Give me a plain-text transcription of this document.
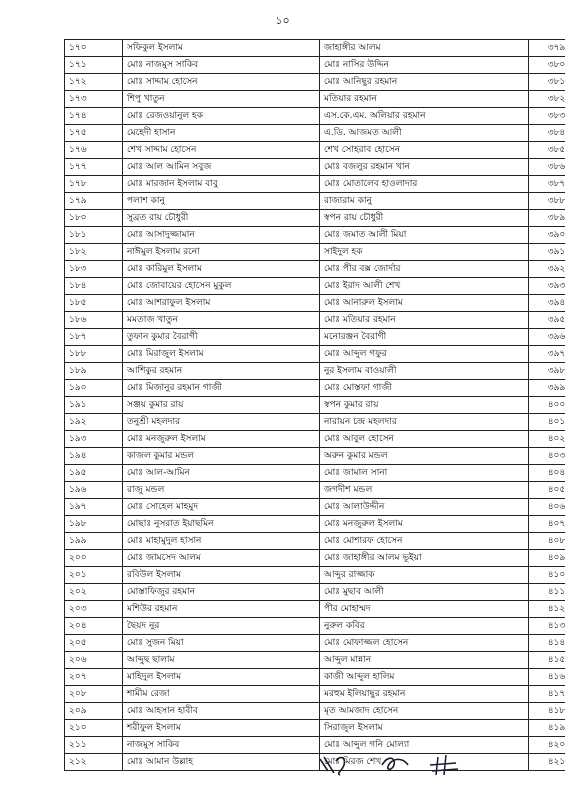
১০
১৭০	সফিকুল ইসলাম	জাহাঙ্গীর আলম	৩৭৯
১৭১	মোঃ নাজমুস সাকিব	মোঃ নাসির উদ্দিন	৩৮০
১৭২	মোঃ সাদ্দাম হোসেন	মোঃ আনিছুর রহমান	৩৮১
১৭৩	শিপু খাতুন	মতিয়ার রহমান	৩৮২
১৭৪	মোঃ রেজওয়ানুল হক	এস.কে.এম. অলিয়ার রহমান	৩৮৩
১৭৫	মেহেদী হাসান	এ.ডি. আজমত আলী	৩৮৪
১৭৬	শেখ সাদ্দাম হোসেন	শেখ সোহরাব হোসেন	৩৮৫
১৭৭	মোঃ আল আমিন সবুজ	মোঃ বজলুর রহমান খান	৩৮৬
১৭৮	মোঃ মারজান ইসলাম বাবু	মোঃ মোতালেব হাওলাদার	৩৮৭
১৭৯	পলাশ কানু	রাজারাম কানু	৩৮৮
১৮০	সুব্রত রায় চৌধুরী	স্বপন রায় চৌধুরী	৩৮৯
১৮১	মোঃ আসাদুজ্জামান	মোঃ জমাত আলী মিয়া	৩৯০
১৮২	নাঈমুল ইসলাম রনো	সাইদুল হক	৩৯১
১৮৩	মোঃ কারিমুল ইসলাম	মোঃ পীর বক্স জোর্দার	৩৯২
১৮৪	মোঃ জোবায়ের হোসেন মুকুল	মোঃ ইরাদ আলী শেখ	৩৯৩
১৮৫	মোঃ আশরাফুল ইসলাম	মোঃ আনারুল ইসলাম	৩৯৪
১৮৬	মমতাজ খাতুন	মোঃ মতিয়ার রহমান	৩৯৫
১৮৭	তুফান কুমার বৈরাগী	মনোরঞ্জন বৈরাগী	৩৯৬
১৮৮	মোঃ মিরাজুল ইসলাম	মোঃ আব্দুল গফুর	৩৯৭
১৮৯	আশিকুর রহমান	নুর ইসলাম বাওয়ালী	৩৯৮
১৯০	মোঃ মিজানুর রহমান গাজী	মোঃ মোস্তফা গাজী	৩৯৯
১৯১	সঞ্জয় কুমার রায়	স্বপন কুমার রায়	৪০০
১৯২	তনুশ্রী মহলদার	নারায়ন চন্দ্র মহলদার	৪০১
১৯৩	মোঃ মনজুরুল ইসলাম	মোঃ আবুল হোসেন	৪০২
১৯৪	কাজল কুমার মন্ডল	অরুন কুমার মন্ডল	৪০৩
১৯৫	মোঃ আল-আমিন	মোঃ জামাল সানা	৪০৪
১৯৬	রাজু মন্ডল	জগদীশ মন্ডল	৪০৫
১৯৭	মোঃ সোহেল মাহমুদ	মোঃ আলাউদ্দীন	৪০৬
১৯৮	মোছাঃ নুসরাত ইয়াছমিন	মোঃ মনজুরুল ইসলাম	৪০৭
১৯৯	মোঃ মাহামুদুল হাসান	মোঃ মোশারফ হোসেন	৪০৮
২০০	মোঃ জামসেদ আলম	মোঃ জাহাঙ্গীর আলম ভূইয়া	৪০৯
২০১	রবিউল ইসলাম	আব্দুর রাজ্জাক	৪১০
২০২	মোস্তাফিজুর রহমান	মোঃ মুছাব আলী	৪১১
২০৩	মশিউর রহমান	পীর মোহাম্মদ	৪১২
২০৪	ছৈয়দ নুর	নুরুল কবির	৪১৩
২০৫	মোঃ সুজন মিয়া	মোঃ মোফাজ্জল হোসেন	৪১৪
২০৬	আব্দুছ ছালাম	আব্দুল মান্নান	৪১৫
২০৭	মাহিদুল ইসলাম	কাজী আব্দুল হালিম	৪১৬
২০৮	শামীম রেজা	মরহুম ইলিয়াছুর রহমান	৪১৭
২০৯	মোঃ আহসান হাবীব	মৃত আমজাদ হোসেন	৪১৮
২১০	শরীফুল ইসলাম	সিরাজুল ইসলাম	৪১৯
২১১	নাজমুস সাকিব	মোঃ আব্দুল গনি মোল্যা	৪২০
২১২	মোঃ আমান উল্লাহ	মোঃ মিরজ শেখ	৪২১
